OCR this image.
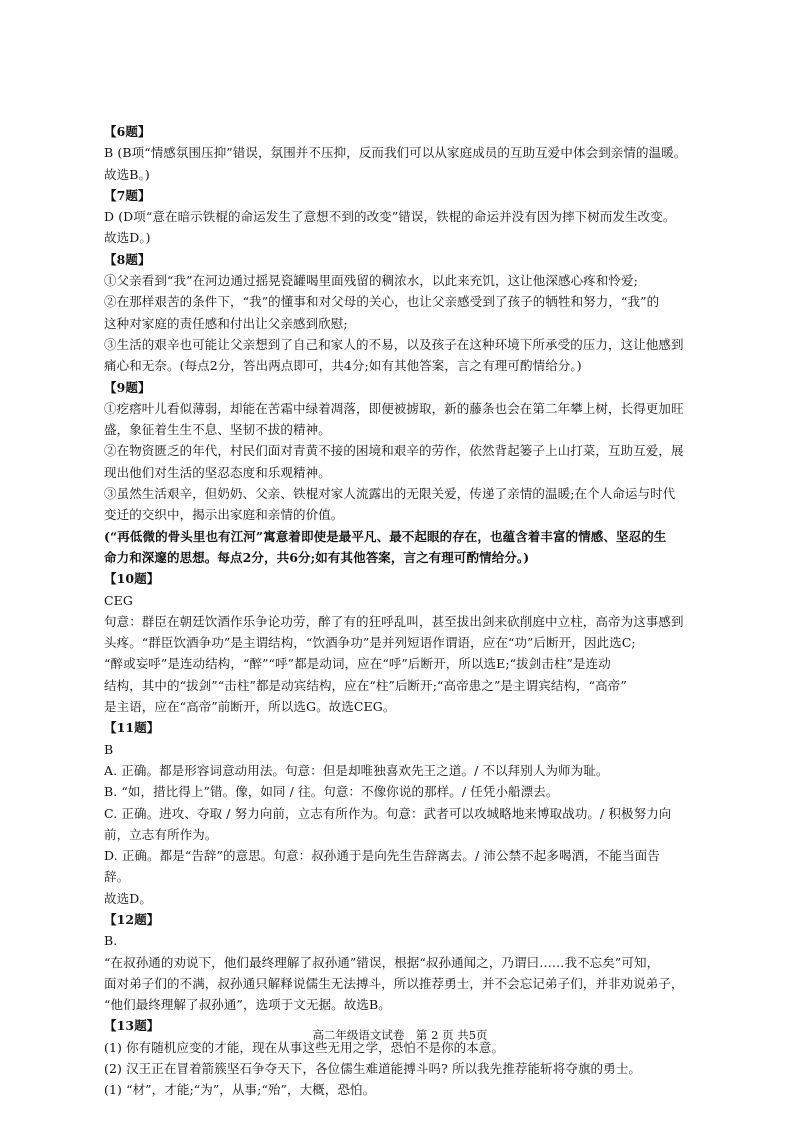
【6题】
B (B项“情感氛围压抑”错误，氛围并不压抑，反而我们可以从家庭成员的互助互爱中体会到亲情的温暖。
故选B。)
【7题】
D (D项“意在暗示铁棍的命运发生了意想不到的改变”错误，铁棍的命运并没有因为摔下树而发生改变。
故选D。)
【8题】
①父亲看到“我”在河边通过摇晃瓷罐喝里面残留的稠浓水，以此来充饥，这让他深感心疼和怜爱;
②在那样艰苦的条件下，“我”的懂事和对父母的关心，也让父亲感受到了孩子的牺牲和努力，“我”的
这种对家庭的责任感和付出让父亲感到欣慰;
③生活的艰辛也可能让父亲想到了自己和家人的不易，以及孩子在这种环境下所承受的压力，这让他感到
痛心和无奈。(每点2分，答出两点即可，共4分;如有其他答案，言之有理可酌情给分。)
【9题】
①疙瘩叶儿看似薄弱，却能在苦霜中绿着凋落，即便被掳取，新的藤条也会在第二年攀上树，长得更加旺
盛，象征着生生不息、坚韧不拔的精神。
②在物资匮乏的年代，村民们面对青黄不接的困境和艰辛的劳作，依然背起篓子上山打菜，互助互爱，展
现出他们对生活的坚忍态度和乐观精神。
③虽然生活艰辛，但奶奶、父亲、铁棍对家人流露出的无限关爱，传递了亲情的温暖;在个人命运与时代
变迁的交织中，揭示出家庭和亲情的价值。
(“再低微的骨头里也有江河”寓意着即使是最平凡、最不起眼的存在，也蕴含着丰富的情感、坚忍的生
命力和深邃的思想。每点2分，共6分;如有其他答案，言之有理可酌情给分。)
【10题】
CEG
句意：群臣在朝廷饮酒作乐争论功劳，醉了有的狂呼乱叫，甚至拔出剑来砍削庭中立柱，高帝为这事感到
头疼。“群臣饮酒争功”是主谓结构，“饮酒争功”是并列短语作谓语，应在“功”后断开，因此选C;
“醉或妄呼”是连动结构，“醉”“呼”都是动词，应在“呼”后断开，所以选E;“拔剑击柱”是连动
结构，其中的“拔剑”“击柱”都是动宾结构，应在“柱”后断开;“高帝患之”是主谓宾结构，“高帝”
是主语，应在“高帝”前断开，所以选G。故选CEG。
【11题】
B
A. 正确。都是形容词意动用法。句意：但是却唯独喜欢先王之道。/ 不以拜别人为师为耻。
B. “如，措比得上”错。像，如同 / 往。句意：不像你说的那样。/ 任凭小船漂去。
C. 正确。进攻、夺取 / 努力向前，立志有所作为。句意：武者可以攻城略地来博取战功。/ 积极努力向
前，立志有所作为。
D. 正确。都是“告辞”的意思。句意：叔孙通于是向先生告辞离去。/ 沛公禁不起多喝酒，不能当面告
辞。
故选D。
【12题】
B.
“在叔孙通的劝说下，他们最终理解了叔孙通”错误，根据“叔孙通闻之，乃谓曰……我不忘矣”可知，
面对弟子们的不满，叔孙通只解释说儒生无法搏斗，所以推荐勇士，并不会忘记弟子们，并非劝说弟子，
“他们最终理解了叔孙通”，选项于文无据。故选B。
【13题】
(1) 你有随机应变的才能，现在从事这些无用之学，恐怕不是你的本意。
(2) 汉王正在冒着箭簇坚石争夺天下，各位儒生难道能搏斗吗? 所以我先推荐能斩将夺旗的勇士。
(1) “材”，才能;“为”，从事;“殆”，大概，恐怕。
高二年级语文试卷　第 2 页 共5页
